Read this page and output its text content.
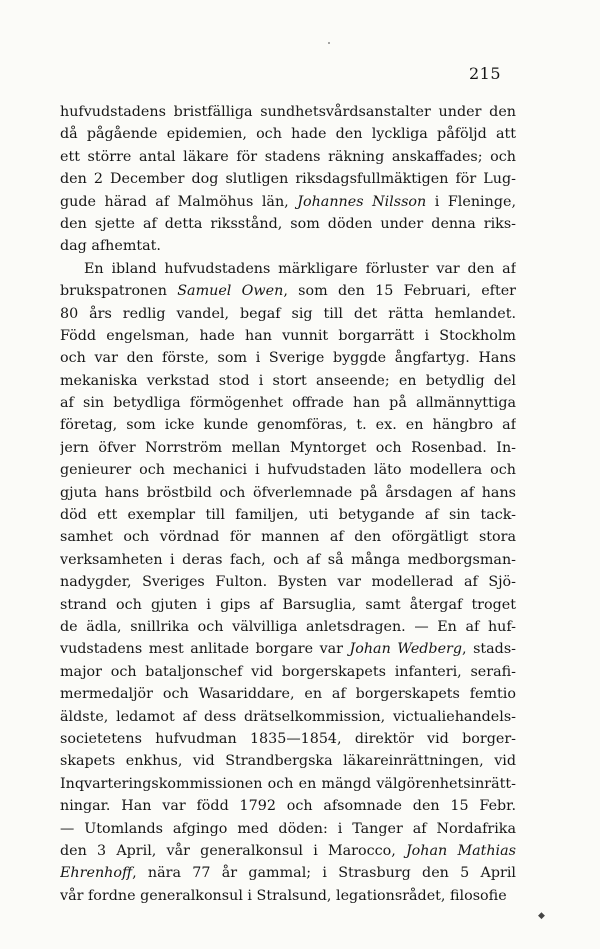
215
hufvudstadens bristfälliga sundhetsvårdsanstalter under den
då pågående epidemien, och hade den lyckliga påföljd att
ett större antal läkare för stadens räkning anskaffades; och
den 2 December dog slutligen riksdagsfullmäktigen för Lug-
gude härad af Malmöhus län, Johannes Nilsson i Fleninge,
den sjette af detta riksstånd, som döden under denna riks-
dag afhemtat.
En ibland hufvudstadens märkligare förluster var den af
brukspatronen Samuel Owen, som den 15 Februari, efter
80 års redlig vandel, begaf sig till det rätta hemlandet.
Född engelsman, hade han vunnit borgarrätt i Stockholm
och var den förste, som i Sverige byggde ångfartyg. Hans
mekaniska verkstad stod i stort anseende; en betydlig del
af sin betydliga förmögenhet offrade han på allmännyttiga
företag, som icke kunde genomföras, t. ex. en hängbro af
jern öfver Norrström mellan Myntorget och Rosenbad. In-
genieurer och mechanici i hufvudstaden läto modellera och
gjuta hans bröstbild och öfverlemnade på årsdagen af hans
död ett exemplar till familjen, uti betygande af sin tack-
samhet och vördnad för mannen af den oförgätligt stora
verksamheten i deras fach, och af så många medborgsman-
nadygder, Sveriges Fulton. Bysten var modellerad af Sjö-
strand och gjuten i gips af Barsuglia, samt återgaf troget
de ädla, snillrika och välvilliga anletsdragen. — En af huf-
vudstadens mest anlitade borgare var Johan Wedberg, stads-
major och bataljonschef vid borgerskapets infanteri, serafi-
mermedaljör och Wasariddare, en af borgerskapets femtio
äldste, ledamot af dess drätselkommission, victualiehandels-
societetens hufvudman 1835—1854, direktör vid borger-
skapets enkhus, vid Strandbergska läkareinrättningen, vid
Inqvarteringskommissionen och en mängd välgörenhetsinrätt-
ningar. Han var född 1792 och afsomnade den 15 Febr.
— Utomlands afgingo med döden: i Tanger af Nordafrika
den 3 April, vår generalkonsul i Marocco, Johan Mathias
Ehrenhoff, nära 77 år gammal; i Strasburg den 5 April
vår fordne generalkonsul i Stralsund, legationsrådet, filosofie
◆
